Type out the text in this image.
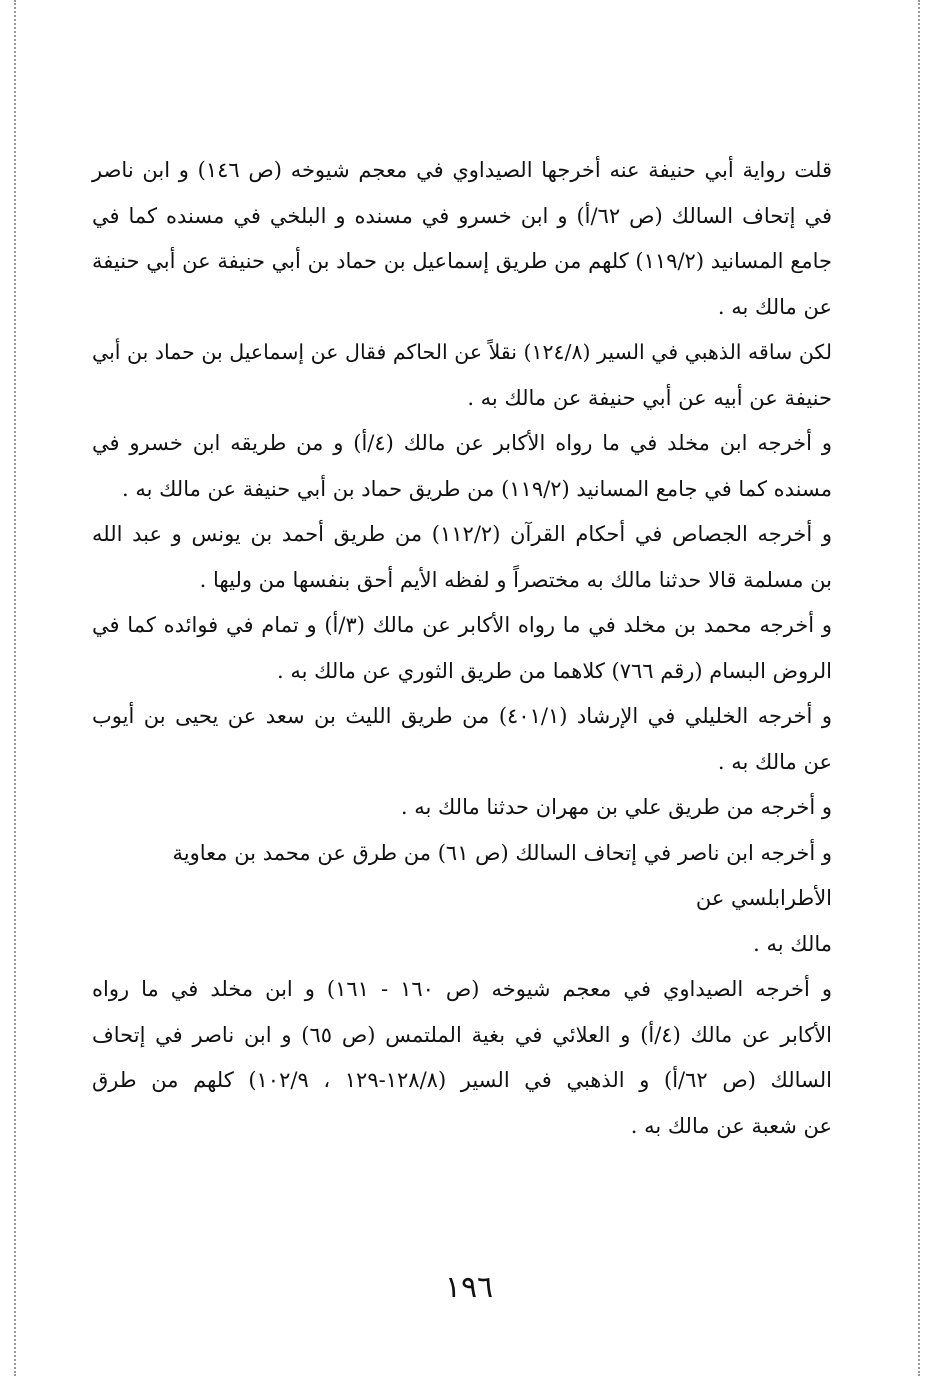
قلت رواية أبي حنيفة عنه أخرجها الصيداوي في معجم شيوخه (ص ١٤٦) و ابن ناصر
في إتحاف السالك (ص ٦٢/أ) و ابن خسرو في مسنده و البلخي في مسنده كما في
جامع المسانيد (١١٩/٢) كلهم من طريق إسماعيل بن حماد بن أبي حنيفة عن أبي حنيفة
عن مالك به .
لكن ساقه الذهبي في السير (١٢٤/٨) نقلاً عن الحاكم فقال عن إسماعيل بن حماد بن أبي
حنيفة عن أبيه عن أبي حنيفة عن مالك به .
و أخرجه ابن مخلد في ما رواه الأكابر عن مالك (٤/أ) و من طريقه ابن خسرو في
مسنده كما في جامع المسانيد (١١٩/٢) من طريق حماد بن أبي حنيفة عن مالك به .
و أخرجه الجصاص في أحكام القرآن (١١٢/٢) من طريق أحمد بن يونس و عبد الله
بن مسلمة قالا حدثنا مالك به مختصراً و لفظه الأيم أحق بنفسها من وليها .
و أخرجه محمد بن مخلد في ما رواه الأكابر عن مالك (٣/أ) و تمام في فوائده كما في
الروض البسام (رقم ٧٦٦) كلاهما من طريق الثوري عن مالك به .
و أخرجه الخليلي في الإرشاد (٤٠١/١) من طريق الليث بن سعد عن يحيى بن أيوب
عن مالك به .
و أخرجه من طريق علي بن مهران حدثنا مالك به .
و أخرجه ابن ناصر في إتحاف السالك (ص ٦١) من طرق عن محمد بن معاوية
الأطرابلسي عن
مالك به .
و أخرجه الصيداوي في معجم شيوخه (ص ١٦٠ - ١٦١) و ابن مخلد في ما رواه
الأكابر عن مالك (٤/أ) و العلائي في بغية الملتمس (ص ٦٥) و ابن ناصر في إتحاف
السالك (ص ٦٢/أ) و الذهبي في السير (١٢٨/٨-١٢٩ ، ١٠٢/٩) كلهم من طرق
عن شعبة عن مالك به .
١٩٦
